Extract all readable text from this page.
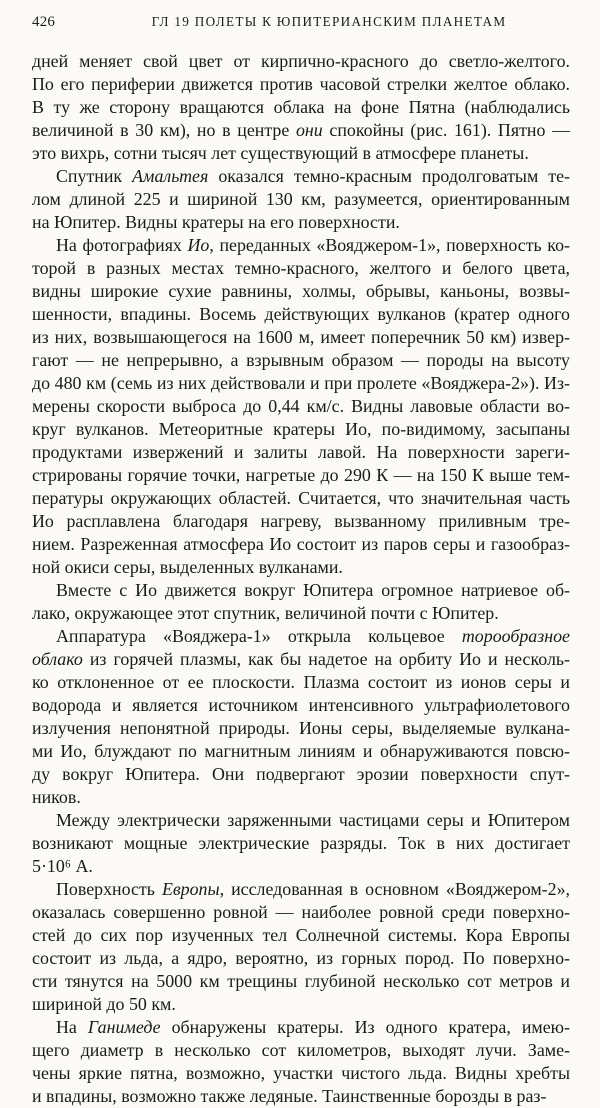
426	ГЛ 19 ПОЛЕТЫ К ЮПИТЕРИАНСКИМ ПЛАНЕТАМ
дней меняет свой цвет от кирпично-красного до светло-желтого.
По его периферии движется против часовой стрелки желтое облако.
В ту же сторону вращаются облака на фоне Пятна (наблюдались
величиной в 30 км), но в центре они спокойны (рис. 161). Пятно —
это вихрь, сотни тысяч лет существующий в атмосфере планеты.
Спутник Амальтея оказался темно-красным продолговатым те-
лом длиной 225 и шириной 130 км, разумеется, ориентированным
на Юпитер. Видны кратеры на его поверхности.
На фотографиях Ио, переданных «Вояджером-1», поверхность ко-
торой в разных местах темно-красного, желтого и белого цвета,
видны широкие сухие равнины, холмы, обрывы, каньоны, возвы-
шенности, впадины. Восемь действующих вулканов (кратер одного
из них, возвышающегося на 1600 м, имеет поперечник 50 км) извер-
гают — не непрерывно, а взрывным образом — породы на высоту
до 480 км (семь из них действовали и при пролете «Вояджера-2»). Из-
мерены скорости выброса до 0,44 км/с. Видны лавовые области во-
круг вулканов. Метеоритные кратеры Ио, по-видимому, засыпаны
продуктами извержений и залиты лавой. На поверхности зареги-
стрированы горячие точки, нагретые до 290 К — на 150 К выше тем-
пературы окружающих областей. Считается, что значительная часть
Ио расплавлена благодаря нагреву, вызванному приливным тре-
нием. Разреженная атмосфера Ио состоит из паров серы и газообраз-
ной окиси серы, выделенных вулканами.
Вместе с Ио движется вокруг Юпитера огромное натриевое об-
лако, окружающее этот спутник, величиной почти с Юпитер.
Аппаратура «Вояджера-1» открыла кольцевое торообразное
облако из горячей плазмы, как бы надетое на орбиту Ио и несколь-
ко отклоненное от ее плоскости. Плазма состоит из ионов серы и
водорода и является источником интенсивного ультрафиолетового
излучения непонятной природы. Ионы серы, выделяемые вулкана-
ми Ио, блуждают по магнитным линиям и обнаруживаются повсю-
ду вокруг Юпитера. Они подвергают эрозии поверхности спут-
ников.
Между электрически заряженными частицами серы и Юпитером
возникают мощные электрические разряды. Ток в них достигает
5·10⁶ А.
Поверхность Европы, исследованная в основном «Вояджером-2»,
оказалась совершенно ровной — наиболее ровной среди поверхно-
стей до сих пор изученных тел Солнечной системы. Кора Европы
состоит из льда, а ядро, вероятно, из горных пород. По поверхно-
сти тянутся на 5000 км трещины глубиной несколько сот метров и
шириной до 50 км.
На Ганимеде обнаружены кратеры. Из одного кратера, имею-
щего диаметр в несколько сот километров, выходят лучи. Заме-
чены яркие пятна, возможно, участки чистого льда. Видны хребты
и впадины, возможно также ледяные. Таинственные борозды в раз-
